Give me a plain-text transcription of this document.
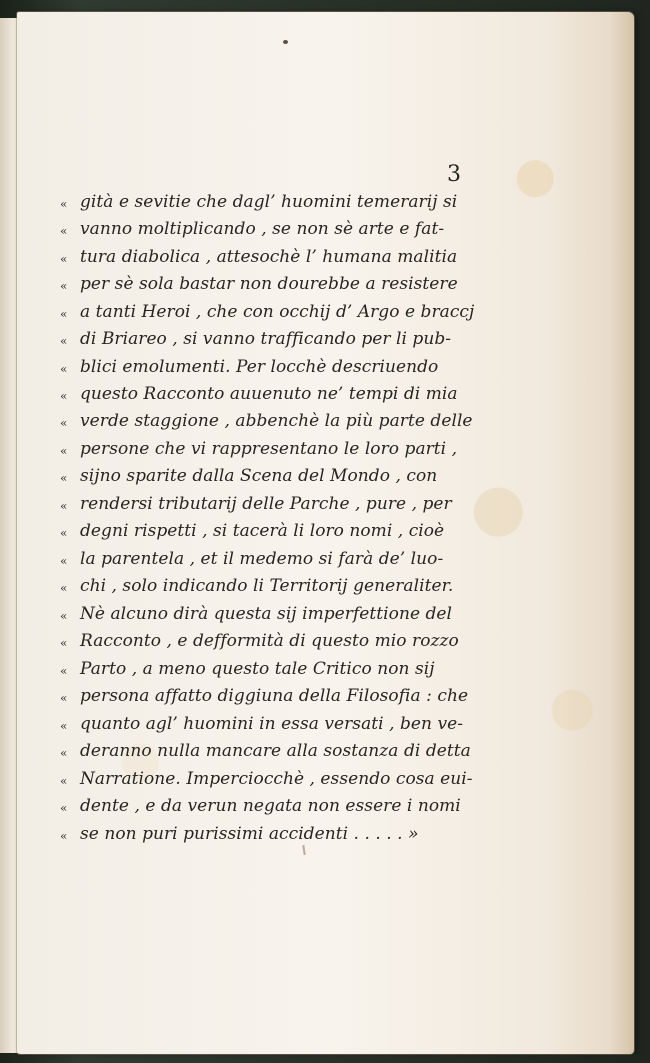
3
« gità e sevitie che dagl’ huomini temerarij si
« vanno moltiplicando , se non sè arte e fat-
« tura diabolica , attesochè l’ humana malitia
« per sè sola bastar non dourebbe a resistere
« a tanti Heroi , che con occhij d’ Argo e braccj
« di Briareo , si vanno trafficando per li pub-
« blici emolumenti. Per locchè descriuendo
« questo Racconto auuenuto ne’ tempi di mia
« verde staggione , abbenchè la più parte delle
« persone che vi rappresentano le loro parti ,
« sijno sparite dalla Scena del Mondo , con
« rendersi tributarij delle Parche , pure , per
« degni rispetti , si tacerà li loro nomi , cioè
« la parentela , et il medemo si farà de’ luo-
« chi , solo indicando li Territorij generaliter.
« Nè alcuno dirà questa sij imperfettione del
« Racconto , e defformità di questo mio rozzo
« Parto , a meno questo tale Critico non sij
« persona affatto diggiuna della Filosofia : che
« quanto agl’ huomini in essa versati , ben ve-
« deranno nulla mancare alla sostanza di detta
« Narratione. Imperciocchè , essendo cosa eui-
« dente , e da verun negata non essere i nomi
« se non puri purissimi accidenti . . . . . »
